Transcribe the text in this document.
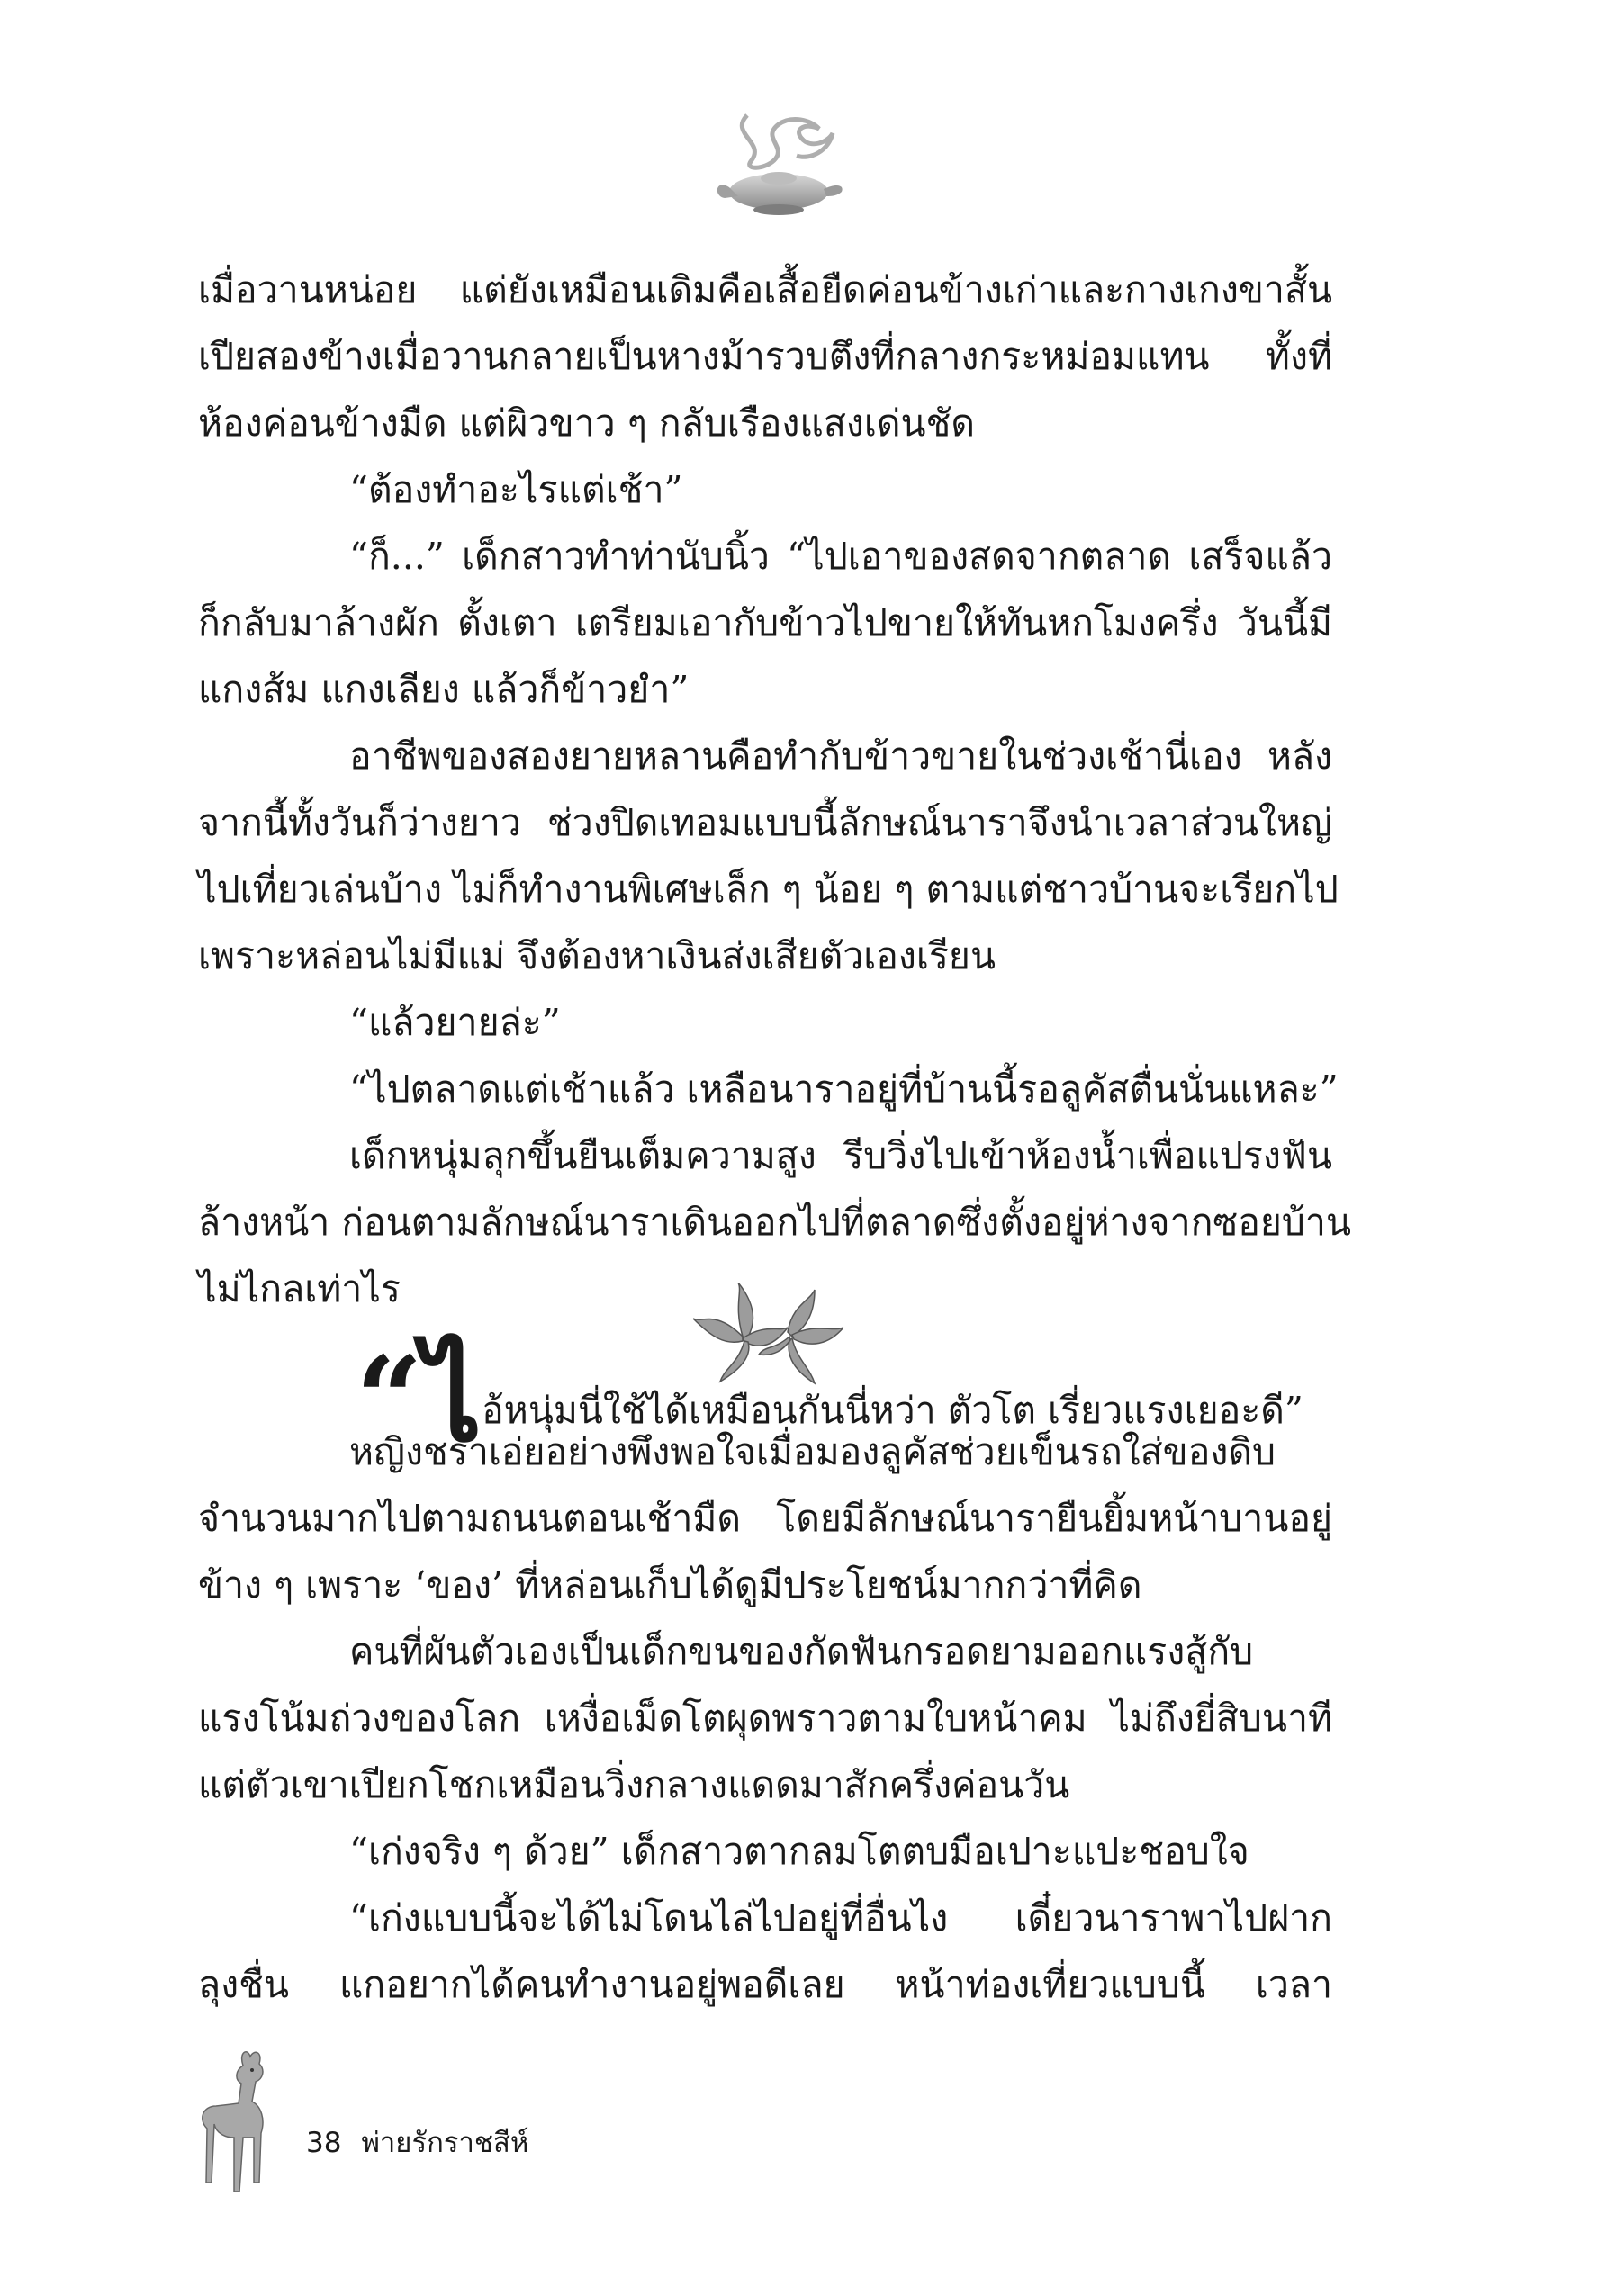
เมื่อวานหน่อย แต่ยังเหมือนเดิมคือเสื้อยืดค่อนข้างเก่าและกางเกงขาสั้น
เปียสองข้างเมื่อวานกลายเป็นหางม้ารวบตึงที่กลางกระหม่อมแทน ทั้งที่
ห้องค่อนข้างมืด แต่ผิวขาว ๆ กลับเรืองแสงเด่นชัด
“ต้องทำอะไรแต่เช้า”
“ก็...” เด็กสาวทำท่านับนิ้ว “ไปเอาของสดจากตลาด เสร็จแล้ว
ก็กลับมาล้างผัก ตั้งเตา เตรียมเอากับข้าวไปขายให้ทันหกโมงครึ่ง วันนี้มี
แกงส้ม แกงเลียง แล้วก็ข้าวยำ”
อาชีพของสองยายหลานคือทำกับข้าวขายในช่วงเช้านี่เอง หลัง
จากนี้ทั้งวันก็ว่างยาว ช่วงปิดเทอมแบบนี้ลักษณ์นาราจึงนำเวลาส่วนใหญ่
ไปเที่ยวเล่นบ้าง ไม่ก็ทำงานพิเศษเล็ก ๆ น้อย ๆ ตามแต่ชาวบ้านจะเรียกไป
เพราะหล่อนไม่มีแม่ จึงต้องหาเงินส่งเสียตัวเองเรียน
“แล้วยายล่ะ”
“ไปตลาดแต่เช้าแล้ว เหลือนาราอยู่ที่บ้านนี้รอลูคัสตื่นนั่นแหละ”
เด็กหนุ่มลุกขึ้นยืนเต็มความสูง รีบวิ่งไปเข้าห้องน้ำเพื่อแปรงฟัน
ล้างหน้า ก่อนตามลักษณ์นาราเดินออกไปที่ตลาดซึ่งตั้งอยู่ห่างจากซอยบ้าน
ไม่ไกลเท่าไร
“ไอ้หนุ่มนี่ใช้ได้เหมือนกันนี่หว่า ตัวโต เรี่ยวแรงเยอะดี”
หญิงชราเอ่ยอย่างพึงพอใจเมื่อมองลูคัสช่วยเข็นรถใส่ของดิบ
จำนวนมากไปตามถนนตอนเช้ามืด โดยมีลักษณ์นารายืนยิ้มหน้าบานอยู่
ข้าง ๆ เพราะ ‘ของ’ ที่หล่อนเก็บได้ดูมีประโยชน์มากกว่าที่คิด
คนที่ผันตัวเองเป็นเด็กขนของกัดฟันกรอดยามออกแรงสู้กับ
แรงโน้มถ่วงของโลก เหงื่อเม็ดโตผุดพราวตามใบหน้าคม ไม่ถึงยี่สิบนาที
แต่ตัวเขาเปียกโชกเหมือนวิ่งกลางแดดมาสักครึ่งค่อนวัน
“เก่งจริง ๆ ด้วย” เด็กสาวตากลมโตตบมือเปาะแปะชอบใจ
“เก่งแบบนี้จะได้ไม่โดนไล่ไปอยู่ที่อื่นไง เดี๋ยวนาราพาไปฝาก
ลุงชื่น แกอยากได้คนทำงานอยู่พอดีเลย หน้าท่องเที่ยวแบบนี้ เวลา
38 พ่ายรักราชสีห์
